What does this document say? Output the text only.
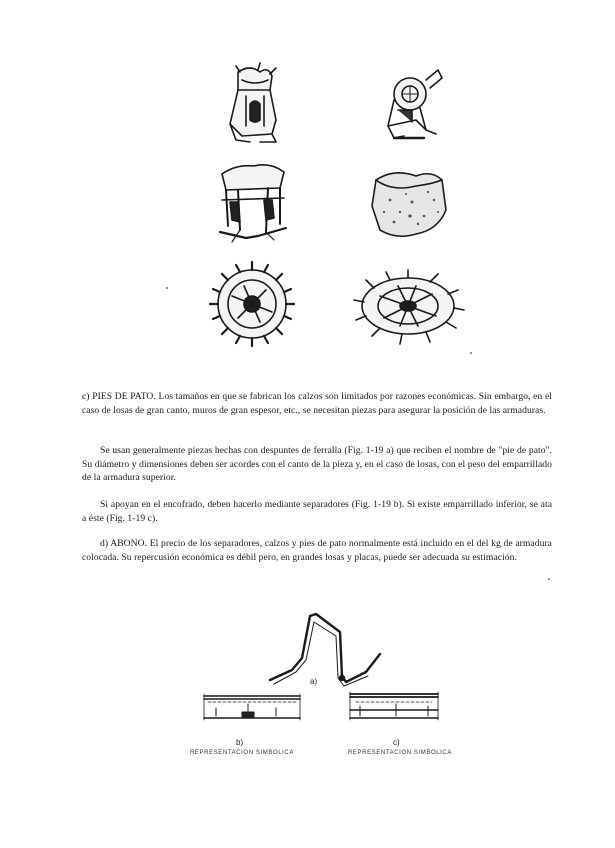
c) PIES DE PATO. Los tamaños en que se fabrican los calzos son limitados por razones económicas. Sin embargo, en el caso de losas de gran canto, muros de gran espesor, etc., se necesitan piezas para asegurar la posición de las armaduras.

Se usan generalmente piezas hechas con despuntes de ferralla (Fig. 1-19 a) que reciben el nombre de "pie de pato". Su diámetro y dimensiones deben ser acordes con el canto de la pieza y, en el caso de losas, con el peso del emparrillado de la armadura superior.

Si apoyan en el encofrado, deben hacerlo mediante separadores (Fig. 1-19 b). Si existe emparrillado inferior, se ata a éste (Fig. 1-19 c).

d) ABONO. El precio de los separadores, calzos y pies de pato normalmente está incluido en el del kg de armadura colocada. Su repercusión económica es débil pero, en grandes losas y placas, puede ser adecuada su estimación.

a)
b)	c)
REPRESENTACION SIMBOLICA	REPRESENTACION SIMBOLICA
